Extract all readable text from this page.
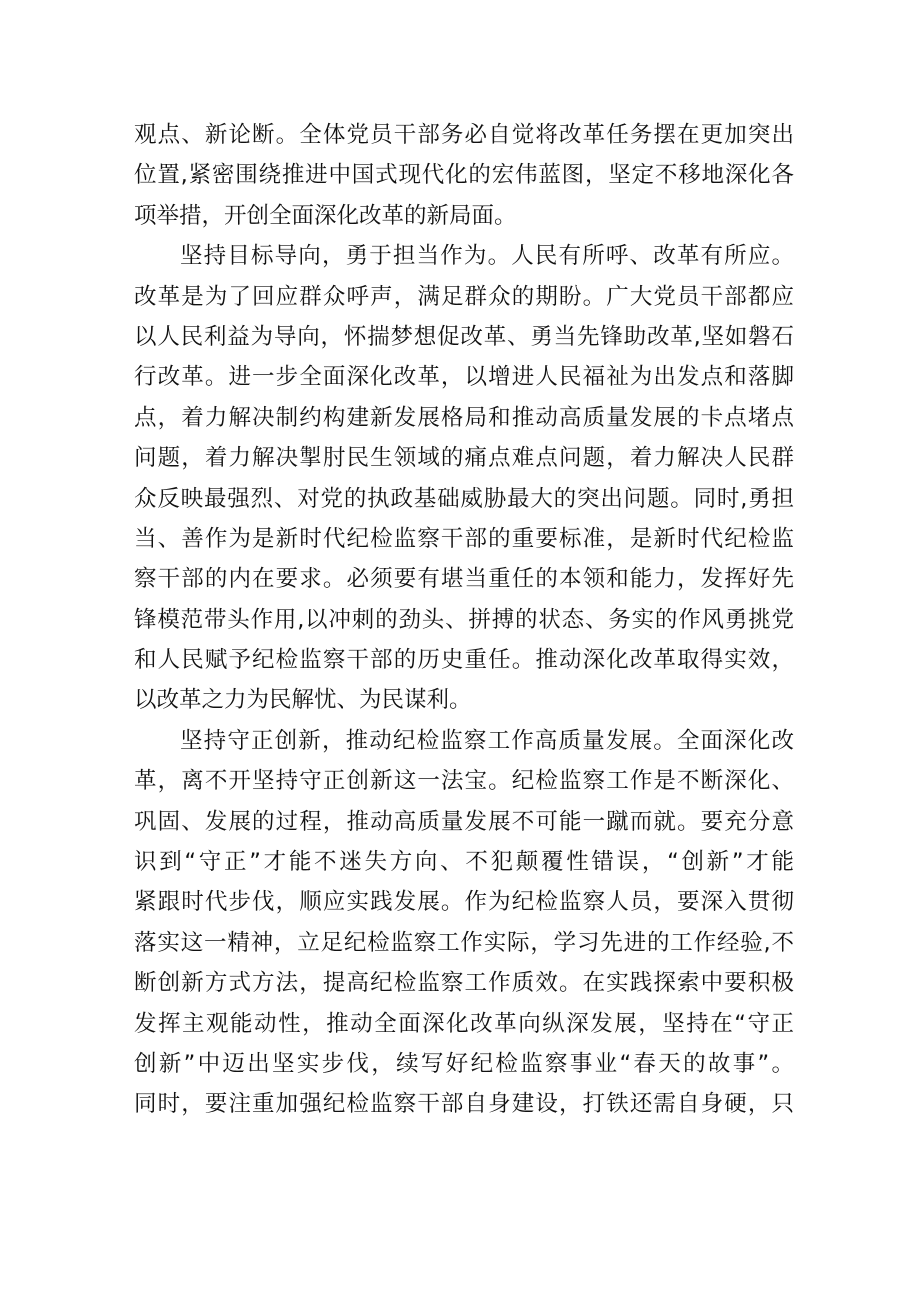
观点、新论断。全体党员干部务必自觉将改革任务摆在更加突出
位置,紧密围绕推进中国式现代化的宏伟蓝图，坚定不移地深化各
项举措，开创全面深化改革的新局面。
坚持目标导向，勇于担当作为。人民有所呼、改革有所应。
改革是为了回应群众呼声，满足群众的期盼。广大党员干部都应
以人民利益为导向，怀揣梦想促改革、勇当先锋助改革,坚如磐石
行改革。进一步全面深化改革，以增进人民福祉为出发点和落脚
点，着力解决制约构建新发展格局和推动高质量发展的卡点堵点
问题，着力解决掣肘民生领域的痛点难点问题，着力解决人民群
众反映最强烈、对党的执政基础威胁最大的突出问题。同时,勇担
当、善作为是新时代纪检监察干部的重要标准，是新时代纪检监
察干部的内在要求。必须要有堪当重任的本领和能力，发挥好先
锋模范带头作用,以冲刺的劲头、拼搏的状态、务实的作风勇挑党
和人民赋予纪检监察干部的历史重任。推动深化改革取得实效，
以改革之力为民解忧、为民谋利。
坚持守正创新，推动纪检监察工作高质量发展。全面深化改
革，离不开坚持守正创新这一法宝。纪检监察工作是不断深化、
巩固、发展的过程，推动高质量发展不可能一蹴而就。要充分意
识到“守正”才能不迷失方向、不犯颠覆性错误，“创新”才能
紧跟时代步伐，顺应实践发展。作为纪检监察人员，要深入贯彻
落实这一精神，立足纪检监察工作实际，学习先进的工作经验,不
断创新方式方法，提高纪检监察工作质效。在实践探索中要积极
发挥主观能动性，推动全面深化改革向纵深发展，坚持在“守正
创新”中迈出坚实步伐，续写好纪检监察事业“春天的故事”。
同时，要注重加强纪检监察干部自身建设，打铁还需自身硬，只
